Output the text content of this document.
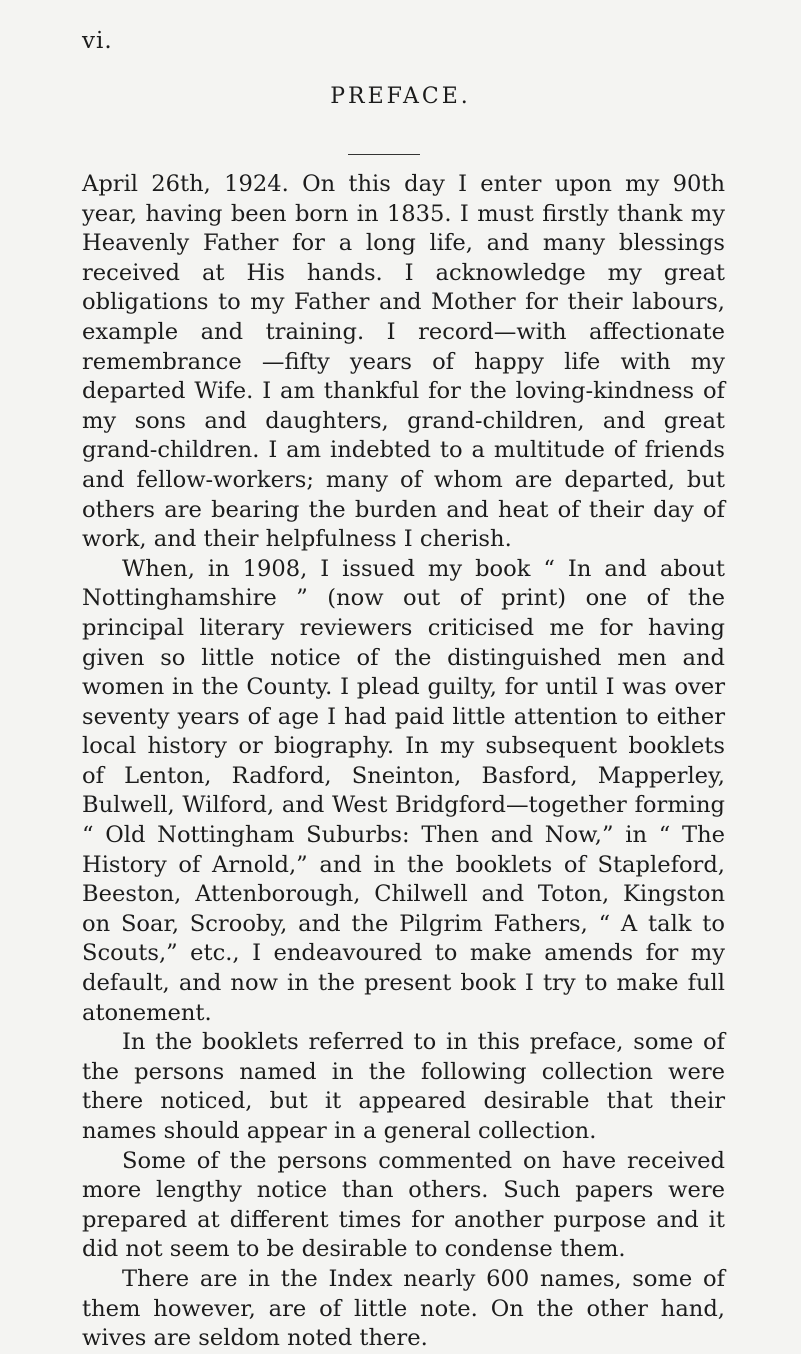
vi.
PREFACE.

April 26th, 1924. On this day I enter upon my 90th year, having been born in 1835. I must firstly thank my Heavenly Father for a long life, and many blessings received at His hands. I acknowledge my great obligations to my Father and Mother for their labours, example and training. I record—with affectionate remembrance —fifty years of happy life with my departed Wife. I am thankful for the loving-kindness of my sons and daughters, grand-children, and great grand-children. I am indebted to a multitude of friends and fellow-workers; many of whom are departed, but others are bearing the burden and heat of their day of work, and their helpfulness I cherish.

When, in 1908, I issued my book “ In and about Nottinghamshire ” (now out of print) one of the principal literary reviewers criticised me for having given so little notice of the distinguished men and women in the County. I plead guilty, for until I was over seventy years of age I had paid little attention to either local history or biography. In my subsequent booklets of Lenton, Radford, Sneinton, Basford, Mapperley, Bulwell, Wilford, and West Bridgford—together forming “ Old Nottingham Suburbs: Then and Now,” in “ The History of Arnold,” and in the booklets of Stapleford, Beeston, Attenborough, Chilwell and Toton, Kingston on Soar, Scrooby, and the Pilgrim Fathers, “ A talk to Scouts,” etc., I endeavoured to make amends for my default, and now in the present book I try to make full atonement.

In the booklets referred to in this preface, some of the persons named in the following collection were there noticed, but it appeared desirable that their names should appear in a general collection.

Some of the persons commented on have received more lengthy notice than others. Such papers were prepared at different times for another purpose and it did not seem to be desirable to condense them.

There are in the Index nearly 600 names, some of them however, are of little note. On the other hand, wives are seldom noted there.
